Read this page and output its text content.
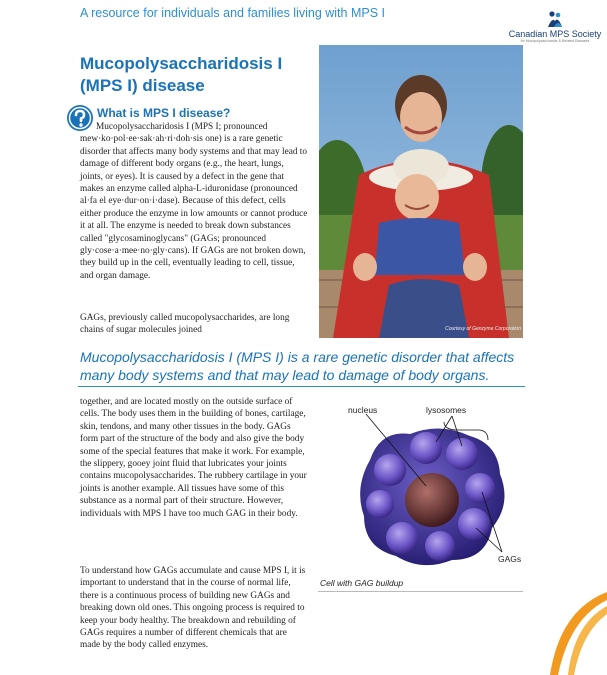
A resource for individuals and families living with MPS I
Canadian MPS Society
for Mucopolysaccharide & Related Diseases
Mucopolysaccharidosis I (MPS I) disease
What is MPS I disease?
Mucopolysaccharidosis I (MPS I; pronounced mew·ko·pol·ee·sak·ah·ri·doh·sis one) is a rare genetic disorder that affects many body systems and that may lead to damage of different body organs (e.g., the heart, lungs, joints, or eyes). It is caused by a defect in the gene that makes an enzyme called alpha-L-iduronidase (pronounced al·fa el eye·dur·on·i·dase). Because of this defect, cells either produce the enzyme in low amounts or cannot produce it at all. The enzyme is needed to break down substances called "glycosaminoglycans" (GAGs; pronounced gly·cose·a·mee·no·gly·cans). If GAGs are not broken down, they build up in the cell, eventually leading to cell, tissue, and organ damage.
GAGs, previously called mucopolysaccharides, are long chains of sugar molecules joined	Courtesy of Genzyme Corporation
Mucopolysaccharidosis I (MPS I) is a rare genetic disorder that affects many body systems and that may lead to damage of body organs.
together, and are located mostly on the outside surface of cells. The body uses them in the building of bones, cartilage, skin, tendons, and many other tissues in the body. GAGs form part of the structure of the body and also give the body some of the special features that make it work. For example, the slippery, gooey joint fluid that lubricates your joints contains mucopolysaccharides. The rubbery cartilage in your joints is another example. All tissues have some of this substance as a normal part of their structure. However, individuals with MPS I have too much GAG in their body.
To understand how GAGs accumulate and cause MPS I, it is important to understand that in the course of normal life, there is a continuous process of building new GAGs and breaking down old ones. This ongoing process is required to keep your body healthy. The breakdown and rebuilding of GAGs requires a number of different chemicals that are made by the body called enzymes.
nucleus	lysosomes
GAGs
Cell with GAG buildup
